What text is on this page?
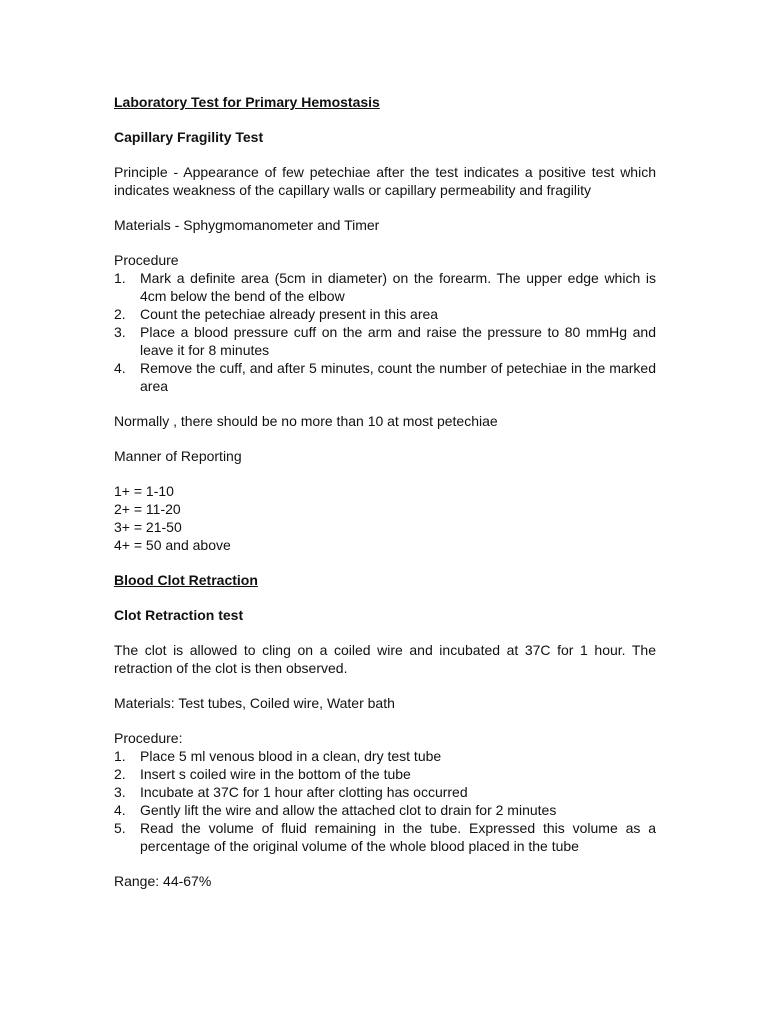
Laboratory Test for Primary Hemostasis

Capillary Fragility Test

Principle - Appearance of few petechiae after the test indicates a positive test which indicates weakness of the capillary walls or capillary permeability and fragility

Materials - Sphygmomanometer and Timer

Procedure

1.	Mark a definite area (5cm in diameter) on the forearm. The upper edge which is 4cm below the bend of the elbow
2.	Count the petechiae already present in this area
3.	Place a blood pressure cuff on the arm and raise the pressure to 80 mmHg and leave it for 8 minutes
4.	Remove the cuff, and after 5 minutes, count the number of petechiae in the marked area

Normally , there should be no more than 10 at most petechiae

Manner of Reporting

1+ = 1-10

2+ = 11-20

3+ = 21-50

4+ = 50 and above

Blood Clot Retraction

Clot Retraction test

The clot is allowed to cling on a coiled wire and incubated at 37C for 1 hour. The retraction of the clot is then observed.

Materials: Test tubes, Coiled wire, Water bath

Procedure:

1.	Place 5 ml venous blood in a clean, dry test tube
2.	Insert s coiled wire in the bottom of the tube
3.	Incubate at 37C for 1 hour after clotting has occurred
4.	Gently lift the wire and allow the attached clot to drain for 2 minutes
5.	Read the volume of fluid remaining in the tube. Expressed this volume as a percentage of the original volume of the whole blood placed in the tube

Range: 44-67%
